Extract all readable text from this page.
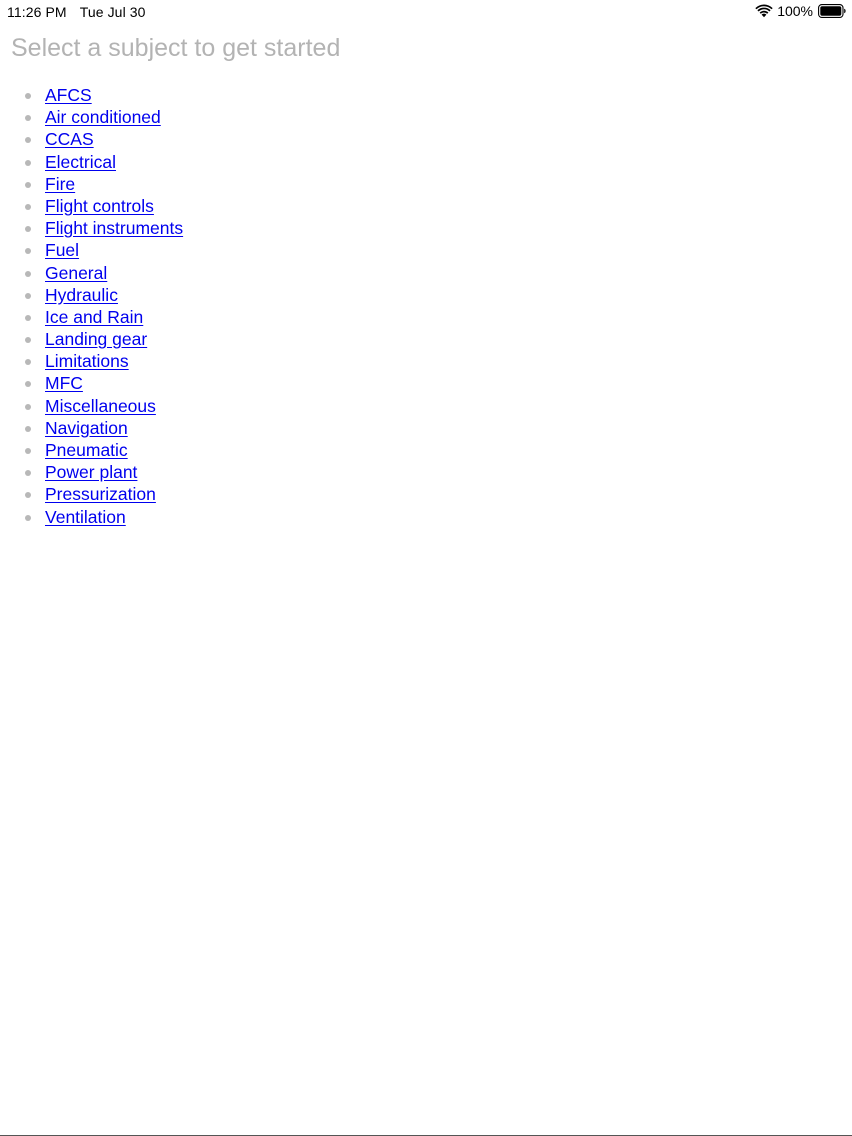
11:26 PM Tue Jul 30	100%
Select a subject to get started
AFCS
Air conditioned
CCAS
Electrical
Fire
Flight controls
Flight instruments
Fuel
General
Hydraulic
Ice and Rain
Landing gear
Limitations
MFC
Miscellaneous
Navigation
Pneumatic
Power plant
Pressurization
Ventilation
